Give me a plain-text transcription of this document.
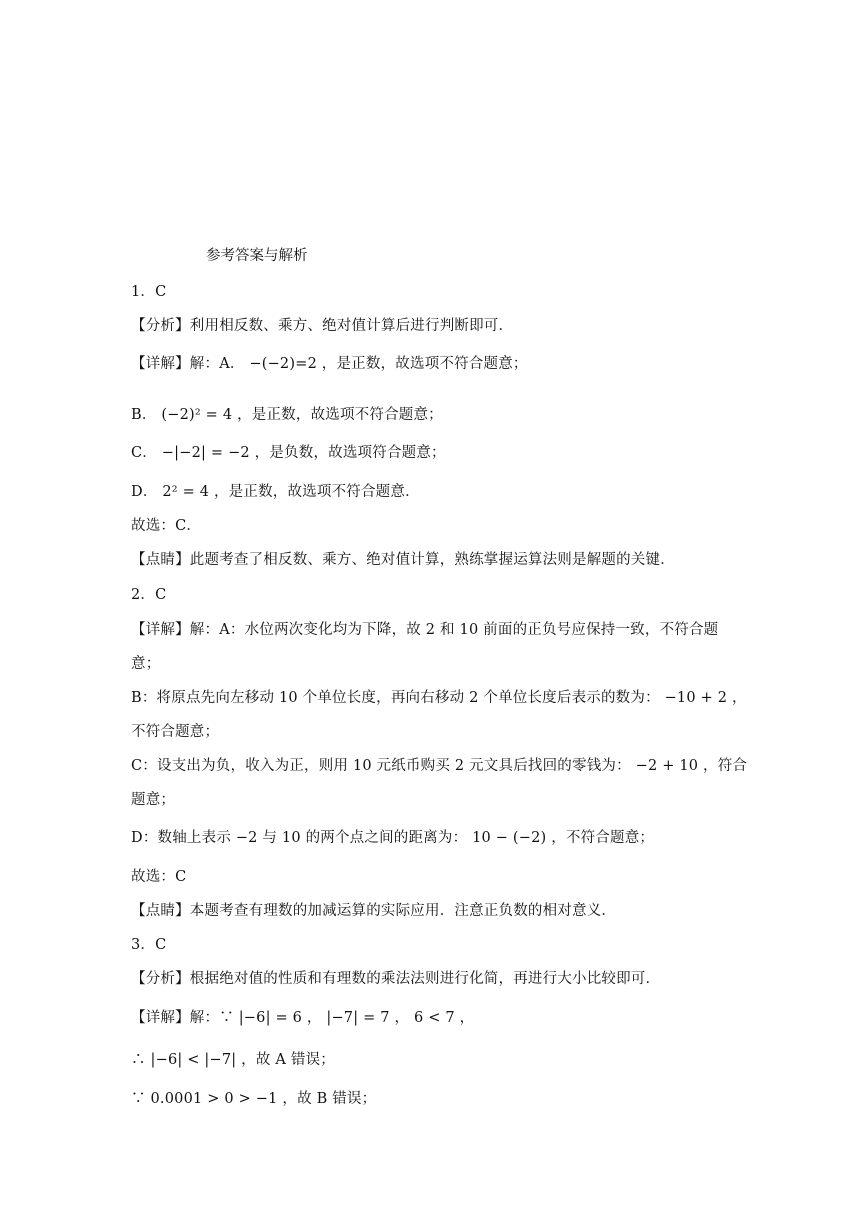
参考答案与解析
1．C
【分析】利用相反数、乘方、绝对值计算后进行判断即可．
【详解】解：A． −(−2)=2 ，是正数，故选项不符合题意；
B． (−2)² = 4 ，是正数，故选项不符合题意；
C． −|−2| = −2 ，是负数，故选项符合题意；
D． 2² = 4 ，是正数，故选项不符合题意．
故选：C．
【点睛】此题考查了相反数、乘方、绝对值计算，熟练掌握运算法则是解题的关键．
2．C
【详解】解：A：水位两次变化均为下降，故 2 和 10 前面的正负号应保持一致，不符合题
意；
B：将原点先向左移动 10 个单位长度，再向右移动 2 个单位长度后表示的数为： −10 + 2 ，
不符合题意；
C：设支出为负，收入为正，则用 10 元纸币购买 2 元文具后找回的零钱为： −2 + 10 ，符合
题意；
D：数轴上表示 −2 与 10 的两个点之间的距离为： 10 − (−2) ，不符合题意；
故选：C
【点睛】本题考查有理数的加减运算的实际应用．注意正负数的相对意义．
3．C
【分析】根据绝对值的性质和有理数的乘法法则进行化简，再进行大小比较即可．
【详解】解：∵ |−6| = 6 ， |−7| = 7 ， 6 < 7 ，
∴ |−6| < |−7| ，故 A 错误；
∵ 0.0001 > 0 > −1 ，故 B 错误；
